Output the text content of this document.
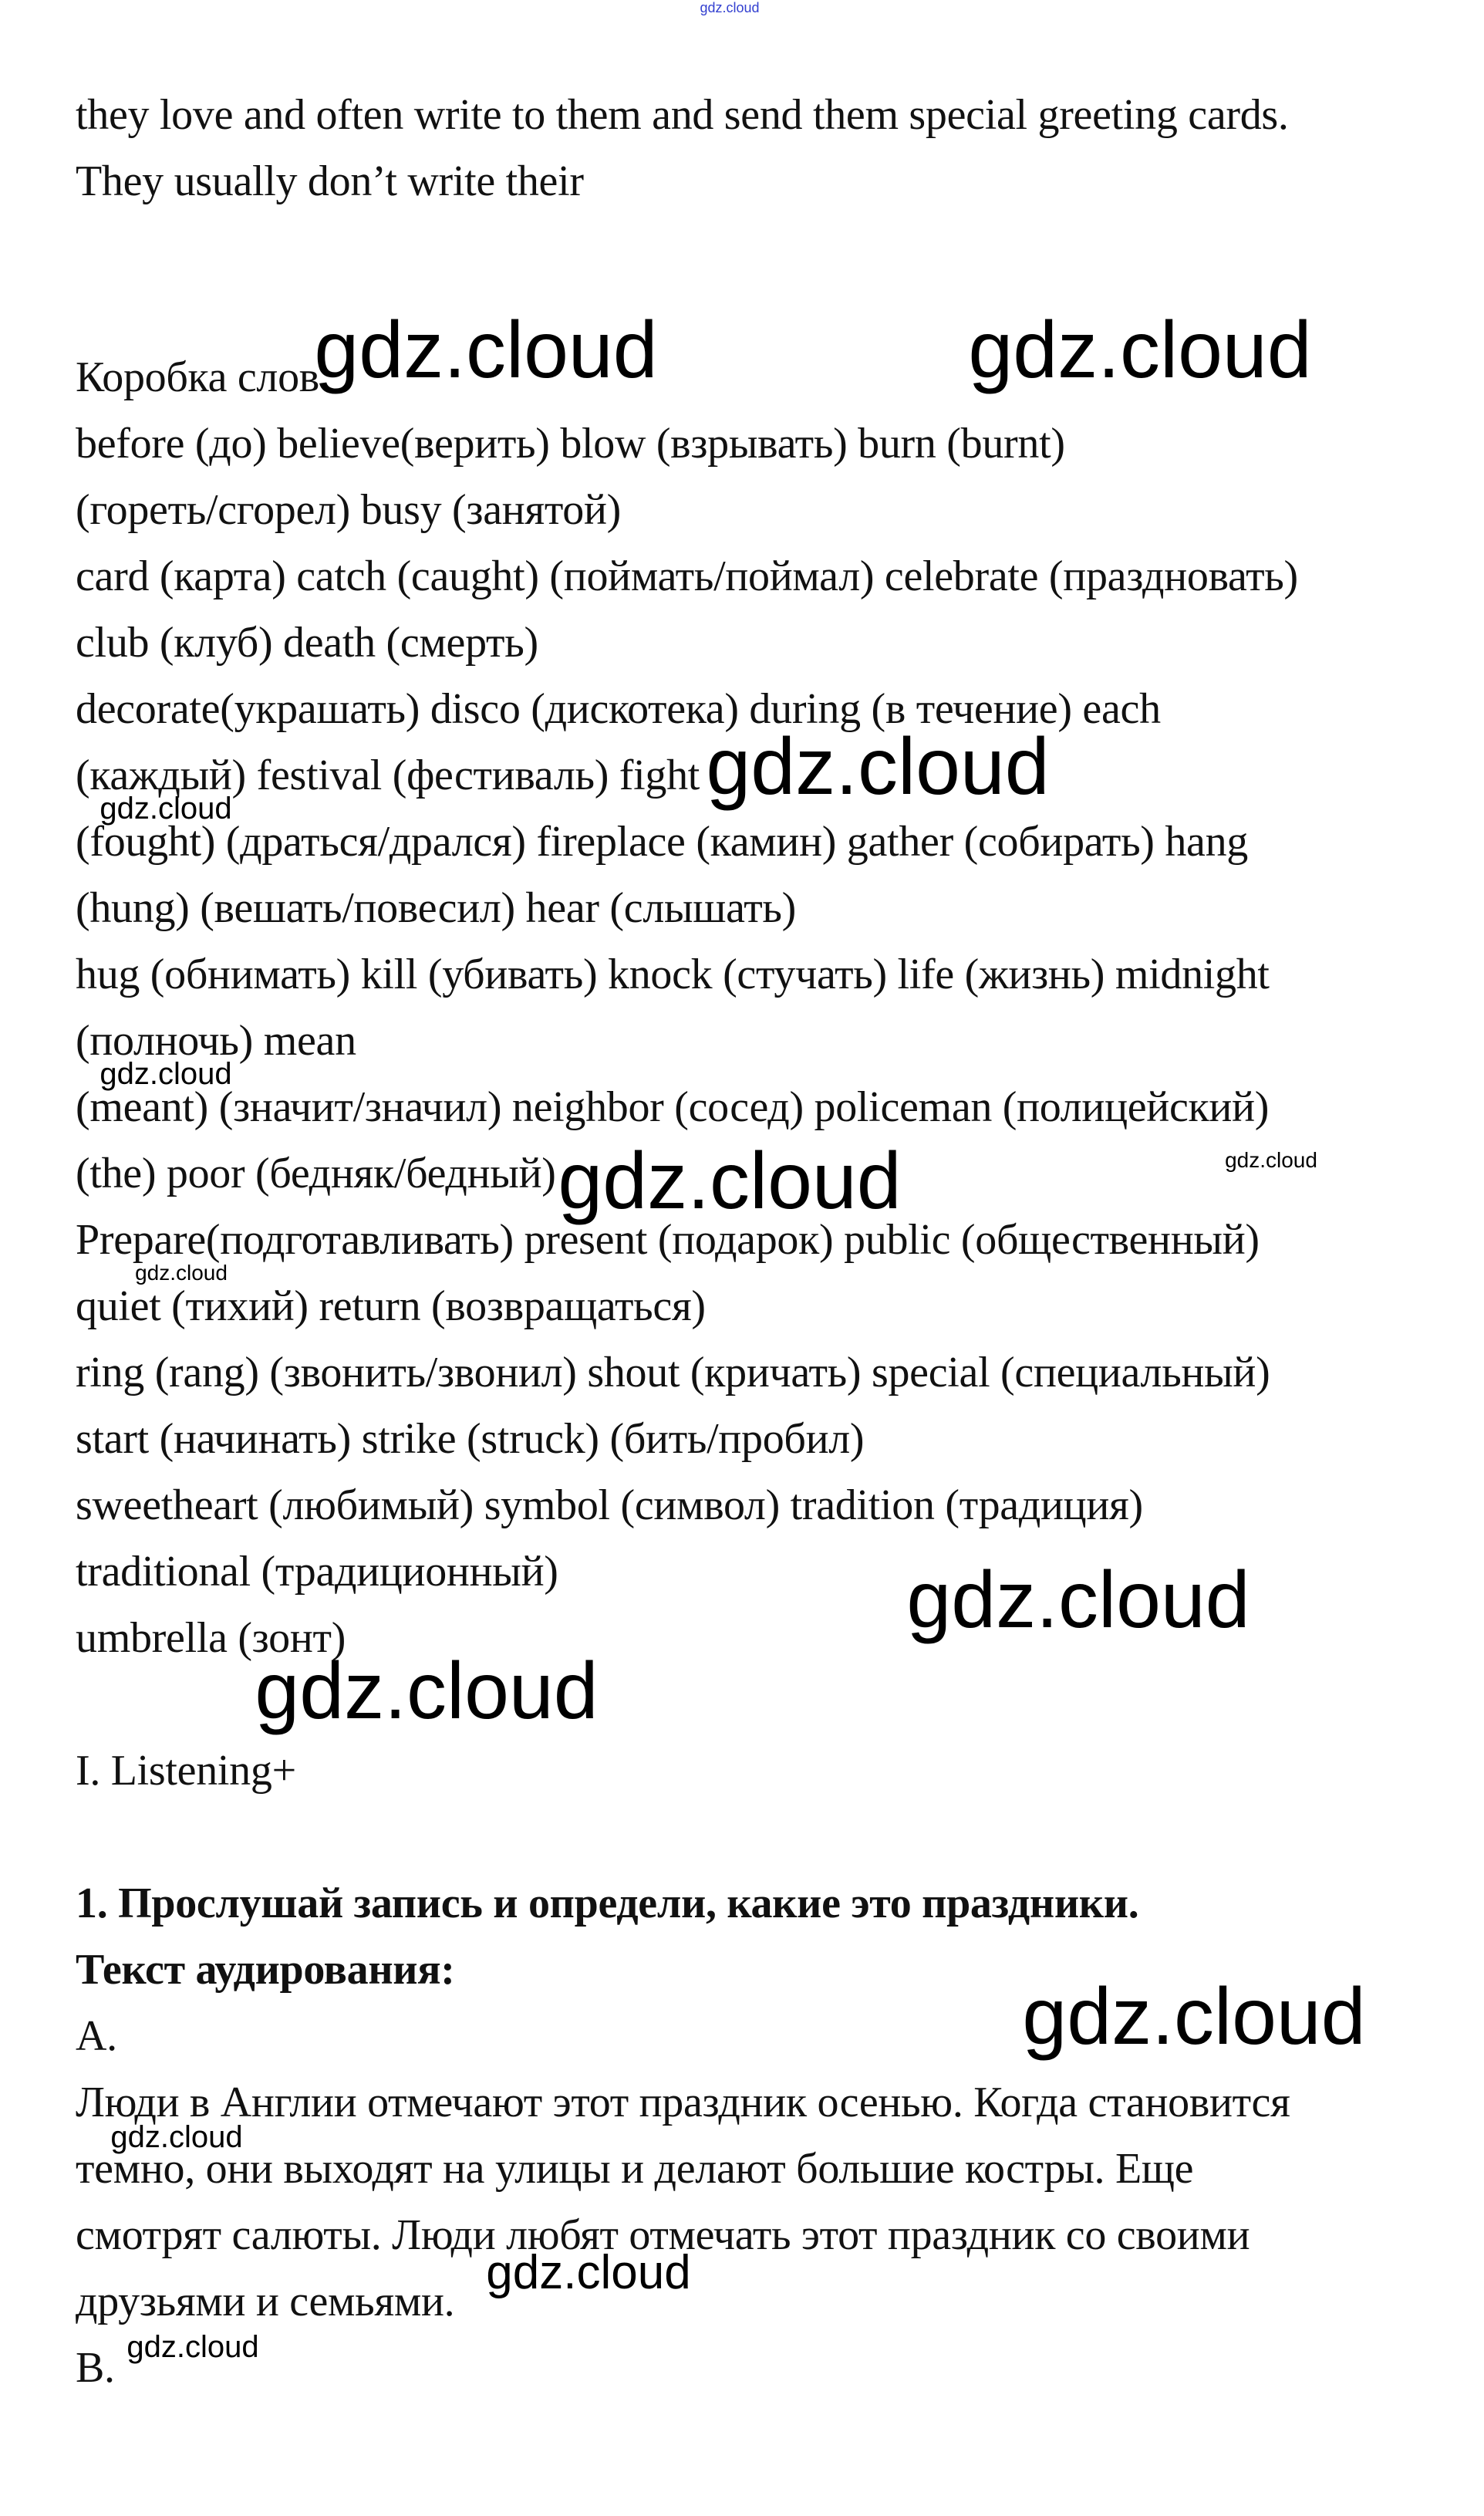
they love and often write to them and send them special greeting cards.
They usually don’t write their
Коробка слов
before (до) believe(верить) blow (взрывать) burn (burnt)
(гореть/сгорел) busy (занятой)
card (карта) catch (caught) (поймать/поймал) celebrate (праздновать)
club (клуб) death (смерть)
decorate(украшать) disco (дискотека) during (в течение) each
(каждый) festival (фестиваль) fight
(fought) (драться/дрался) fireplace (камин) gather (собирать) hang
(hung) (вешать/повесил) hear (слышать)
hug (обнимать) kill (убивать) knock (стучать) life (жизнь) midnight
(полночь) mean
(meant) (значит/значил) neighbor (сосед) policeman (полицейский)
(the) poor (бедняк/бедный)
Prepare(подготавливать) present (подарок) public (общественный)
quiet (тихий) return (возвращаться)
ring (rang) (звонить/звонил) shout (кричать) special (специальный)
start (начинать) strike (struck) (бить/пробил)
sweetheart (любимый) symbol (символ) tradition (традиция)
traditional (традиционный)
umbrella (зонт)
I. Listening+
1. Прослушай запись и определи, какие это праздники.
Текст аудирования:
A.
Люди в Англии отмечают этот праздник осенью. Когда становится
темно, они выходят на улицы и делают большие костры. Еще
смотрят салюты. Люди любят отмечать этот праздник со своими
друзьями и семьями.
B.
gdz.cloud
gdz.cloud	gdz.cloud
gdz.cloud
gdz.cloud
gdz.cloud
gdz.cloud	gdz.cloud
gdz.cloud
gdz.cloud
gdz.cloud
gdz.cloud
gdz.cloud
gdz.cloud
gdz.cloud
